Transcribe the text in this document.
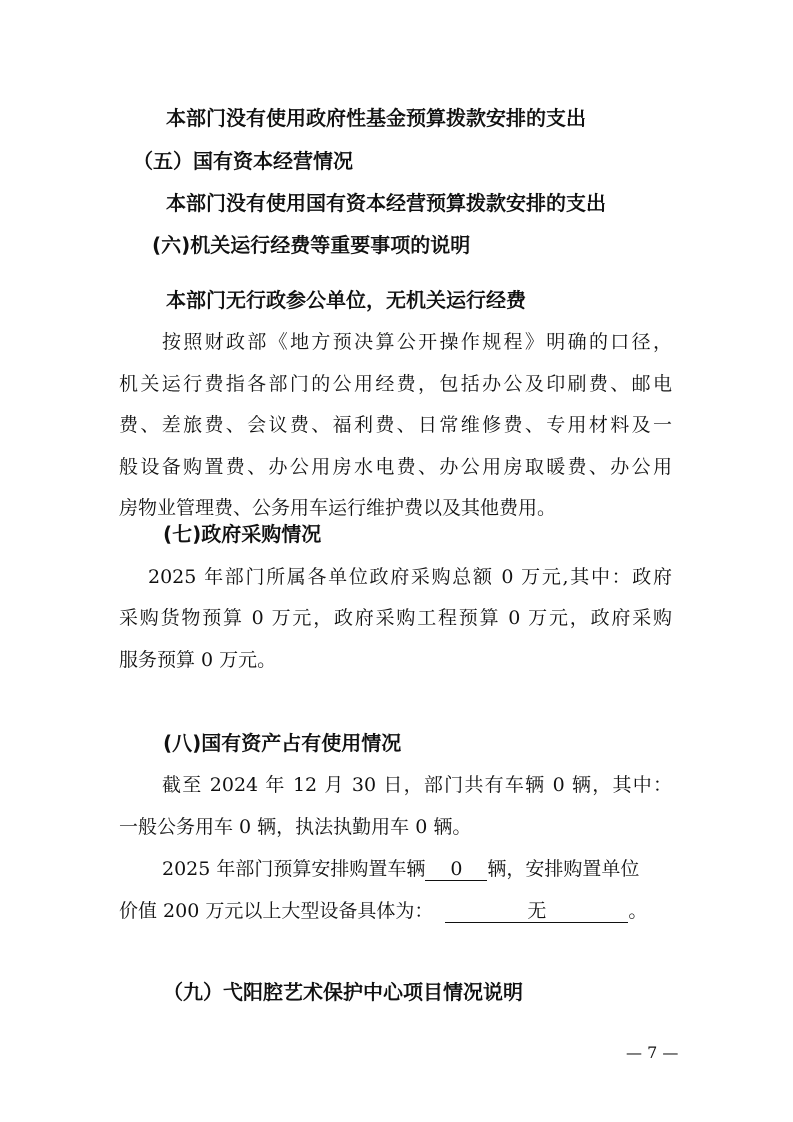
本部门没有使用政府性基金预算拨款安排的支出
（五）国有资本经营情况
本部门没有使用国有资本经营预算拨款安排的支出
(六)机关运行经费等重要事项的说明
本部门无行政参公单位，无机关运行经费
按照财政部《地方预决算公开操作规程》明确的口径，
机关运行费指各部门的公用经费，包括办公及印刷费、邮电
费、差旅费、会议费、福利费、日常维修费、专用材料及一
般设备购置费、办公用房水电费、办公用房取暖费、办公用
房物业管理费、公务用车运行维护费以及其他费用。
(七)政府采购情况
2025 年部门所属各单位政府采购总额 0 万元,其中：政府
采购货物预算 0 万元，政府采购工程预算 0 万元，政府采购
服务预算 0 万元。
(八)国有资产占有使用情况
截至 2024 年 12 月 30 日，部门共有车辆 0 辆，其中：
一般公务用车 0 辆，执法执勤用车 0 辆。
2025 年部门预算安排购置车辆 0 辆，安排购置单位
价值 200 万元以上大型设备具体为：	无	。
（九）弋阳腔艺术保护中心项目情况说明
— 7 —
